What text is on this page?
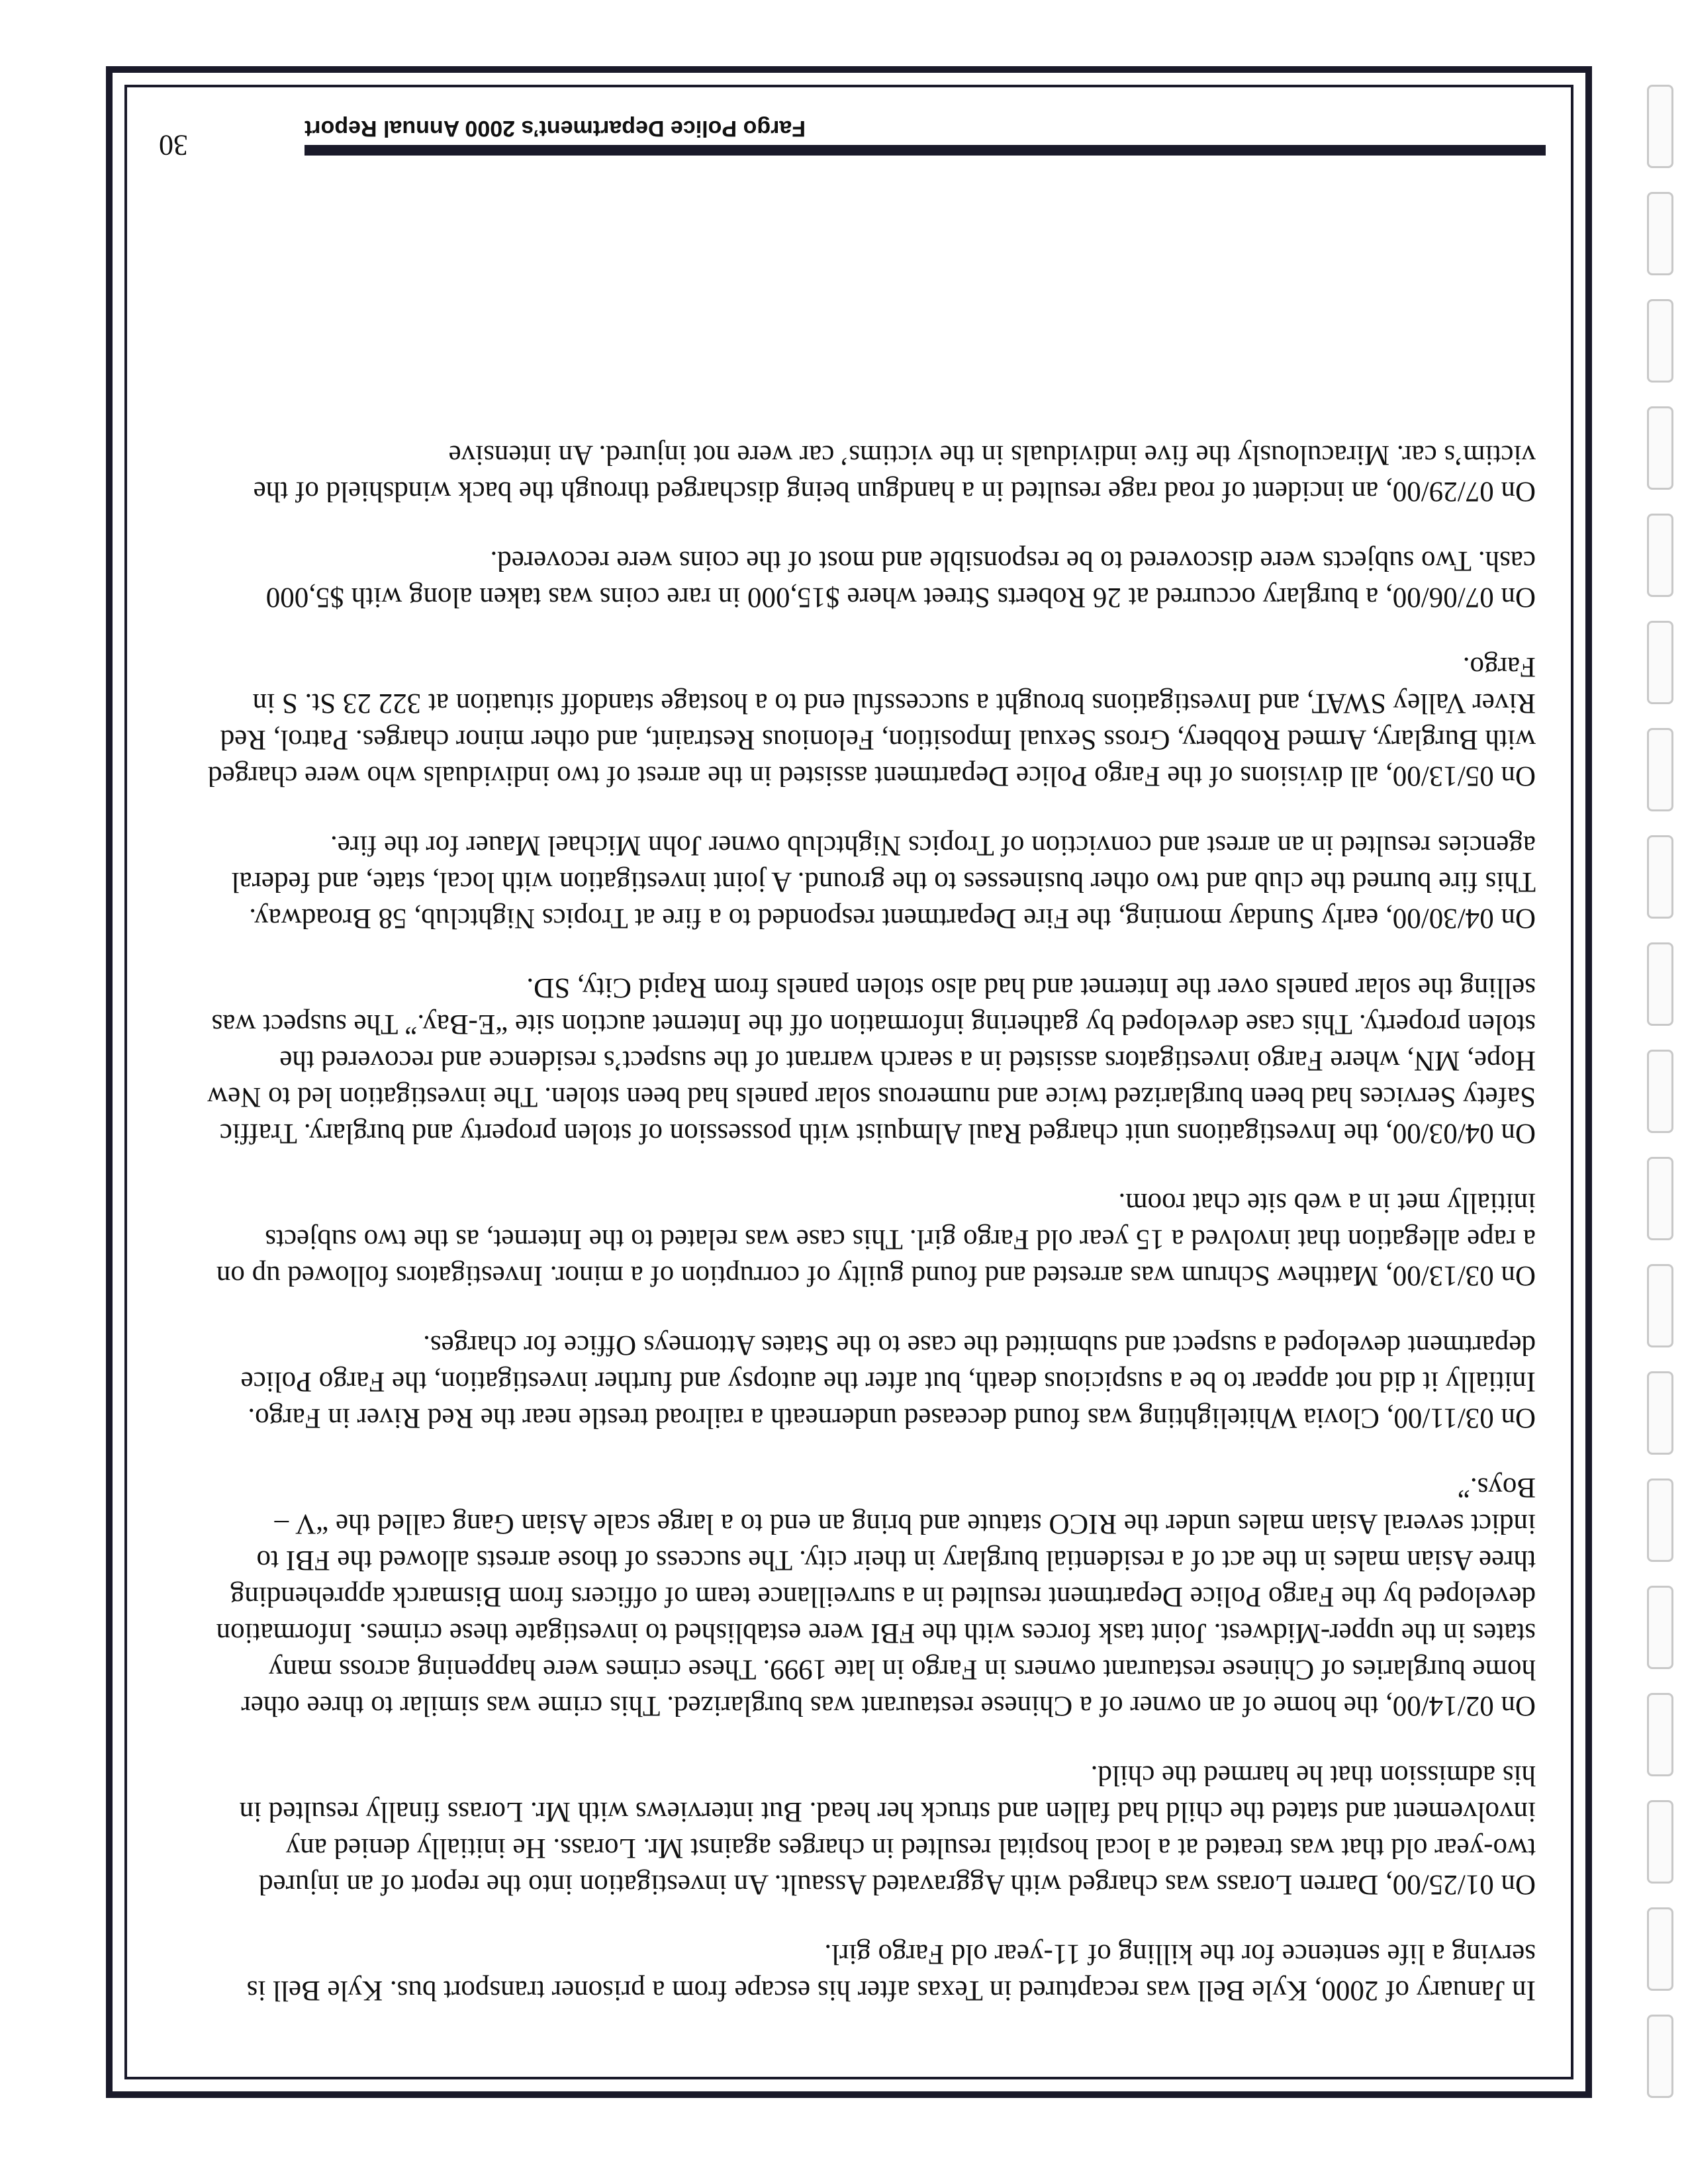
In January of 2000, Kyle Bell was recaptured in Texas after his escape from a prisoner transport bus. Kyle Bell is serving a life sentence for the killing of 11-year old Fargo girl.

On 01/25/00, Darren Lorass was charged with Aggravated Assault. An investigation into the report of an injured two-year old that was treated at a local hospital resulted in charges against Mr. Lorass. He initially denied any involvement and stated the child had fallen and struck her head. But interviews with Mr. Lorass finally resulted in his admission that he harmed the child.

On 02/14/00, the home of an owner of a Chinese restaurant was burglarized. This crime was similar to three other home burglaries of Chinese restaurant owners in Fargo in late 1999. These crimes were happening across many states in the upper-Midwest. Joint task forces with the FBI were established to investigate these crimes. Information developed by the Fargo Police Department resulted in a surveillance team of officers from Bismarck apprehending three Asian males in the act of a residential burglary in their city. The success of those arrests allowed the FBI to indict several Asian males under the RICO statute and bring an end to a large scale Asian Gang called the “V – Boys.”

On 03/11/00, Clovia Whitelighting was found deceased underneath a railroad trestle near the Red River in Fargo. Initially it did not appear to be a suspicious death, but after the autopsy and further investigation, the Fargo Police department developed a suspect and submitted the case to the States Attorneys Office for charges.

On 03/13/00, Matthew Schrum was arrested and found guilty of corruption of a minor. Investigators followed up on a rape allegation that involved a 15 year old Fargo girl. This case was related to the Internet, as the two subjects initially met in a web site chat room.

On 04/03/00, the Investigations unit charged Raul Almquist with possession of stolen property and burglary. Traffic Safety Services had been burglarized twice and numerous solar panels had been stolen. The investigation led to New Hope, MN, where Fargo investigators assisted in a search warrant of the suspect’s residence and recovered the stolen property. This case developed by gathering information off the Internet auction site “E-Bay.” The suspect was selling the solar panels over the Internet and had also stolen panels from Rapid City, SD.

On 04/30/00, early Sunday morning, the Fire Department responded to a fire at Tropics Nightclub, 58 Broadway. This fire burned the club and two other businesses to the ground. A joint investigation with local, state, and federal agencies resulted in an arrest and conviction of Tropics Nightclub owner John Michael Mauer for the fire.

On 05/13/00, all divisions of the Fargo Police Department assisted in the arrest of two individuals who were charged with Burglary, Armed Robbery, Gross Sexual Imposition, Felonious Restraint, and other minor charges. Patrol, Red River Valley SWAT, and Investigations brought a successful end to a hostage standoff situation at 322 23 St. S in Fargo.

On 07/06/00, a burglary occurred at 26 Roberts Street where $15,000 in rare coins was taken along with $5,000 cash. Two subjects were discovered to be responsible and most of the coins were recovered.

On 07/29/00, an incident of road rage resulted in a handgun being discharged through the back windshield of the victim’s car. Miraculously the five individuals in the victims’ car were not injured. An intensive

Fargo Police Department’s 2000 Annual Report
30
